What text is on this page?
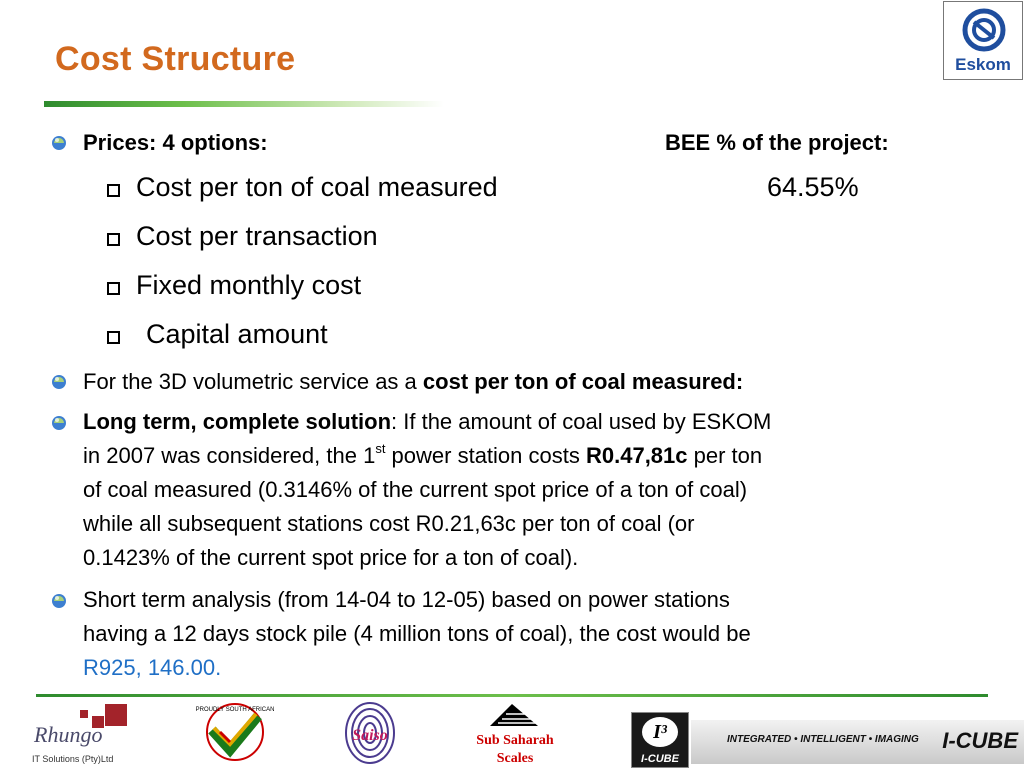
Cost Structure	Eskom
Prices: 4 options:	BEE % of the project:
Cost per ton of coal measured	64.55%
Cost per transaction
Fixed monthly cost
Capital amount
For the 3D volumetric service as a cost per ton of coal measured:
Long term, complete solution: If the amount of coal used by ESKOM
in 2007 was considered, the 1st power station costs R0.47,81c per ton
of coal measured (0.3146% of the current spot price of a ton of coal)
while all subsequent stations cost R0.21,63c per ton of coal (or
0.1423% of the current spot price for a ton of coal).
Short term analysis (from 14-04 to 12-05) based on power stations
having a 12 days stock pile (4 million tons of coal), the cost would be
R925, 146.00.
Rhungo
IT Solutions (Pty)Ltd
PROUDLY SOUTH AFRICAN
Saiso	Sub Saharah
Scales
I³
I-CUBE
INTEGRATED • INTELLIGENT • IMAGING I-CUBE
